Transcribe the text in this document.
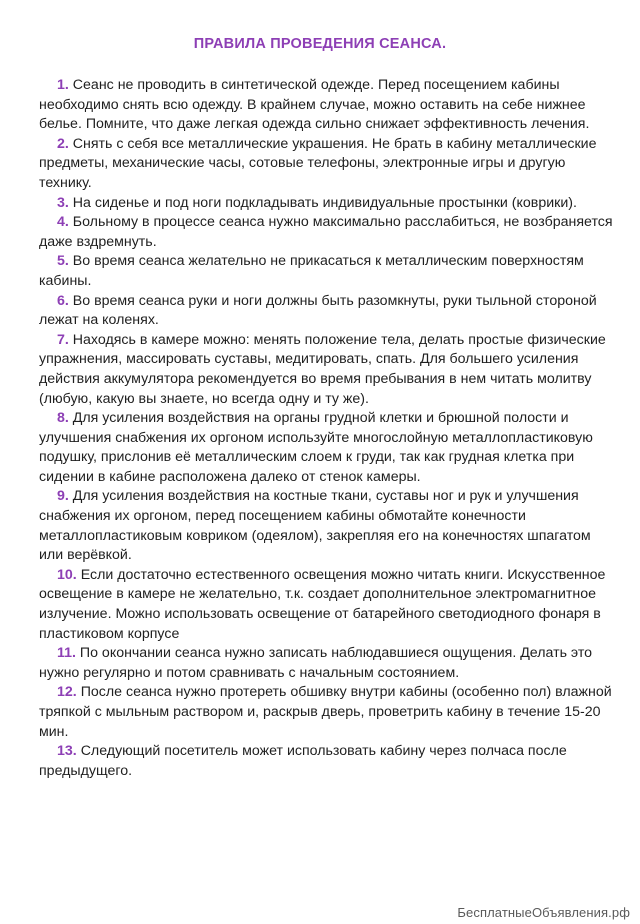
ПРАВИЛА ПРОВЕДЕНИЯ СЕАНСА.

1. Сеанс не проводить в синтетической одежде. Перед посещением кабины необходимо снять всю одежду. В крайнем случае, можно оставить на себе нижнее белье. Помните, что даже легкая одежда сильно снижает эффективность лечения.

2. Снять с себя все металлические украшения. Не брать в кабину металлические предметы, механические часы, сотовые телефоны, электронные игры и другую технику.

3. На сиденье и под ноги подкладывать индивидуальные простынки (коврики).

4. Больному в процессе сеанса нужно максимально расслабиться, не возбраняется даже вздремнуть.

5. Во время сеанса желательно не прикасаться к металлическим поверхностям кабины.

6. Во время сеанса руки и ноги должны быть разомкнуты, руки тыльной стороной лежат на коленях.

7. Находясь в камере можно: менять положение тела, делать простые физические упражнения, массировать суставы, медитировать, спать. Для большего усиления действия аккумулятора рекомендуется во время пребывания в нем читать молитву (любую, какую вы знаете, но всегда одну и ту же).

8. Для усиления воздействия на органы грудной клетки и брюшной полости и улучшения снабжения их оргоном используйте многослойную металлопластиковую подушку, прислонив её металлическим слоем к груди, так как грудная клетка при сидении в кабине расположена далеко от стенок камеры.

9. Для усиления воздействия на костные ткани, суставы ног и рук и улучшения снабжения их оргоном, перед посещением кабины обмотайте конечности металлопластиковым ковриком (одеялом), закрепляя его на конечностях шпагатом или верёвкой.

10. Если достаточно естественного освещения можно читать книги. Искусственное освещение в камере не желательно, т.к. создает дополнительное электромагнитное излучение. Можно использовать освещение от батарейного светодиодного фонаря в пластиковом корпусе

11. По окончании сеанса нужно записать наблюдавшиеся ощущения. Делать это нужно регулярно и потом сравнивать с начальным состоянием.

12. После сеанса нужно протереть обшивку внутри кабины (особенно пол) влажной тряпкой с мыльным раствором и, раскрыв дверь, проветрить кабину в течение 15-20 мин.

13. Следующий посетитель может использовать кабину через полчаса после предыдущего.

БесплатныеОбъявления.рф
